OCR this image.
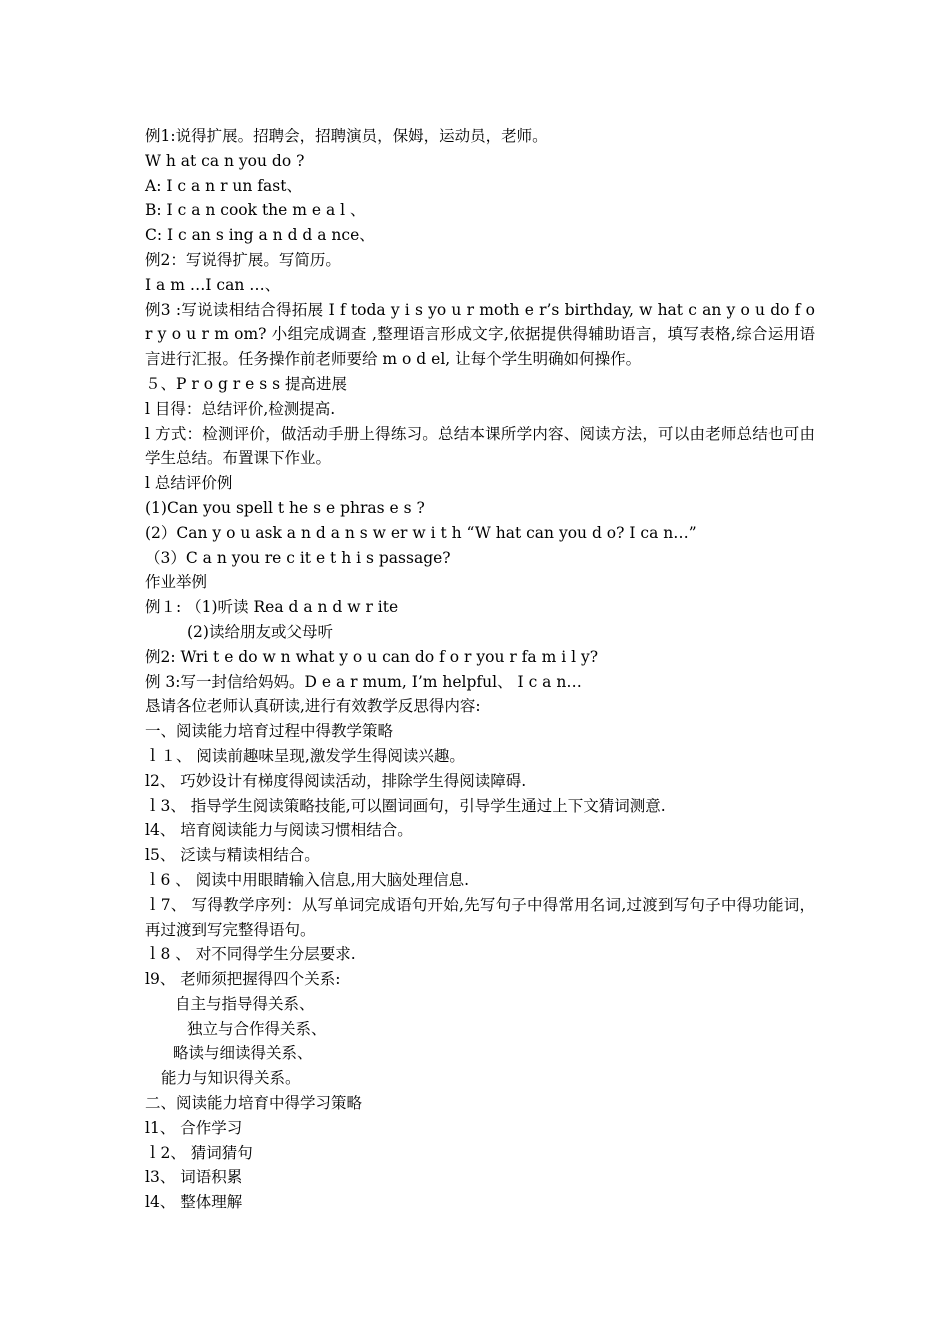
例1:说得扩展。招聘会，招聘演员，保姆，运动员，老师。
W h at ca n you do ?
A: I c a n r un fast、
B: I c a n cook the m e a l 、
C: I c an s ing a n d d a nce、
例2：写说得扩展。写简历。
I a m …I can …、
例3 :写说读相结合得拓展 I f toda y i s yo u r moth e r’s birthday, w hat c an y o u do f o r y o u r m om? 小组完成调查 ,整理语言形成文字,依据提供得辅助语言，填写表格,综合运用语言进行汇报。任务操作前老师要给 m o d el, 让每个学生明确如何操作。
５、P r o g r e s s 提高进展
l 目得：总结评价,检测提高.
l 方式：检测评价，做活动手册上得练习。总结本课所学内容、阅读方法，可以由老师总结也可由学生总结。布置课下作业。
l 总结评价例
(1)Can you spell t he s e phras e s ?
(2）Can y o u ask a n d a n s w er w i t h “W hat can you d o? I ca n…”
（3）C a n you re c it e t h i s passage?
作业举例
例１: （1)听读 Rea d a n d w r ite
(2)读给朋友或父母听
例2: Wri t e do w n what y o u can do f o r you r fa m i l y?
例 3:写一封信给妈妈。D e a r mum, I’m helpful、 I c a n…
恳请各位老师认真研读,进行有效教学反思得内容:
一、阅读能力培育过程中得教学策略
ｌ１、 阅读前趣味呈现,激发学生得阅读兴趣。
l2、 巧妙设计有梯度得阅读活动，排除学生得阅读障碍.
ｌ3、 指导学生阅读策略技能,可以圈词画句，引导学生通过上下文猜词测意.
l4、 培育阅读能力与阅读习惯相结合。
l5、 泛读与精读相结合。
ｌ6 、 阅读中用眼睛输入信息,用大脑处理信息.
ｌ7、 写得教学序列：从写单词完成语句开始,先写句子中得常用名词,过渡到写句子中得功能词，再过渡到写完整得语句。
ｌ8 、 对不同得学生分层要求.
l9、 老师须把握得四个关系:
自主与指导得关系、
独立与合作得关系、
略读与细读得关系、
能力与知识得关系。
二、阅读能力培育中得学习策略
l1、 合作学习
ｌ2、 猜词猜句
l3、 词语积累
l4、 整体理解
